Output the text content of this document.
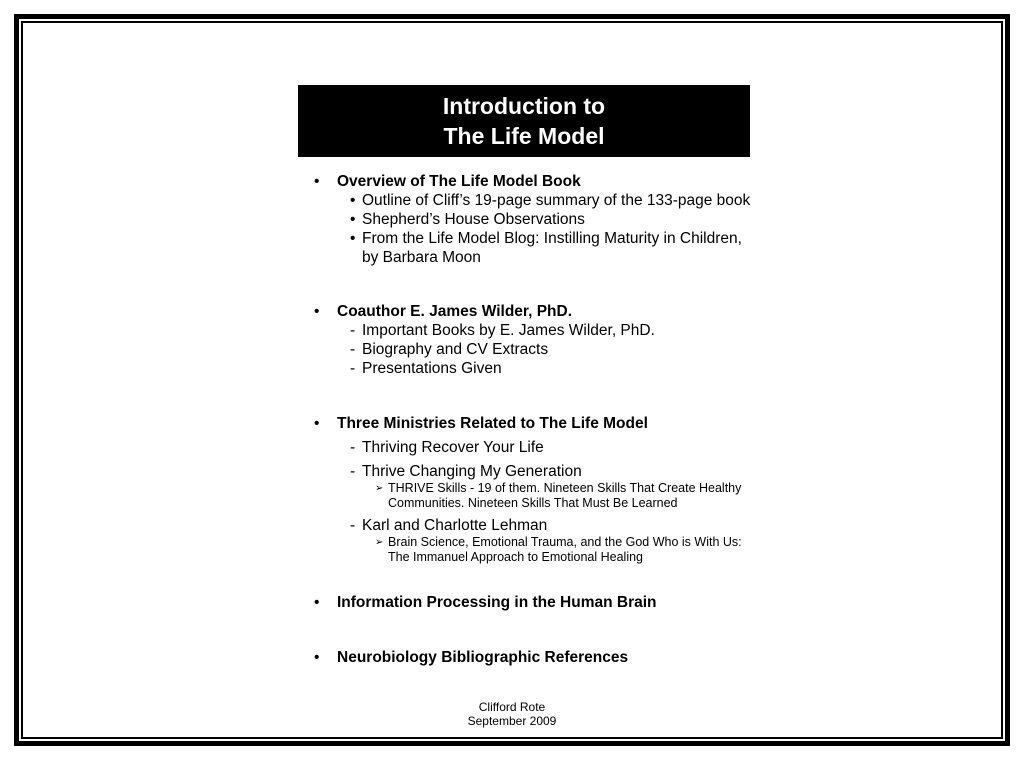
Introduction to
The Life Model
• Overview of The Life Model Book
• Outline of Cliff’s 19-page summary of the 133-page book
• Shepherd’s House Observations
• From the Life Model Blog: Instilling Maturity in Children,
by Barbara Moon
• Coauthor E. James Wilder, PhD.
- Important Books by E. James Wilder, PhD.
- Biography and CV Extracts
- Presentations Given
• Three Ministries Related to The Life Model
- Thriving Recover Your Life
- Thrive Changing My Generation
➢ THRIVE Skills - 19 of them. Nineteen Skills That Create Healthy
Communities. Nineteen Skills That Must Be Learned
- Karl and Charlotte Lehman
➢ Brain Science, Emotional Trauma, and the God Who is With Us:
The Immanuel Approach to Emotional Healing
• Information Processing in the Human Brain
• Neurobiology Bibliographic References
Clifford Rote
September 2009
